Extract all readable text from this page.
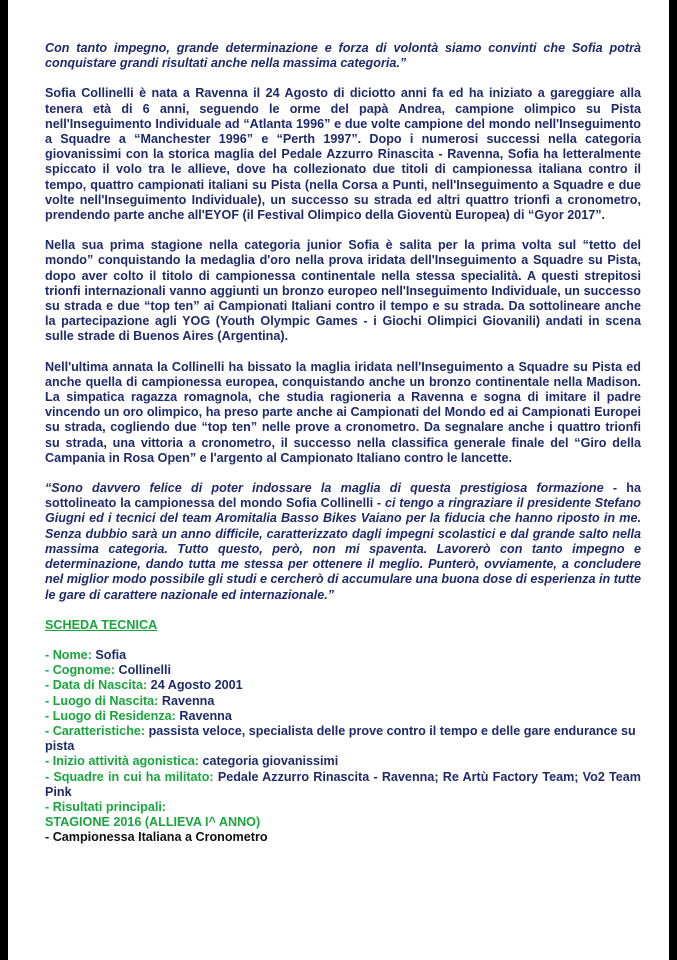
Con tanto impegno, grande determinazione e forza di volontà siamo convinti che Sofia potrà conquistare grandi risultati anche nella massima categoria.”

Sofia Collinelli è nata a Ravenna il 24 Agosto di diciotto anni fa ed ha iniziato a gareggiare alla tenera età di 6 anni, seguendo le orme del papà Andrea, campione olimpico su Pista nell'Inseguimento Individuale ad “Atlanta 1996” e due volte campione del mondo nell'Inseguimento a Squadre a “Manchester 1996” e “Perth 1997”. Dopo i numerosi successi nella categoria giovanissimi con la storica maglia del Pedale Azzurro Rinascita - Ravenna, Sofia ha letteralmente spiccato il volo tra le allieve, dove ha collezionato due titoli di campionessa italiana contro il tempo, quattro campionati italiani su Pista (nella Corsa a Punti, nell'Inseguimento a Squadre e due volte nell'Inseguimento Individuale), un successo su strada ed altri quattro trionfi a cronometro, prendendo parte anche all'EYOF (il Festival Olimpico della Gioventù Europea) di “Gyor 2017”.

Nella sua prima stagione nella categoria junior Sofia è salita per la prima volta sul “tetto del mondo” conquistando la medaglia d'oro nella prova iridata dell'Inseguimento a Squadre su Pista, dopo aver colto il titolo di campionessa continentale nella stessa specialità. A questi strepitosi trionfi internazionali vanno aggiunti un bronzo europeo nell'Inseguimento Individuale, un successo su strada e due “top ten” ai Campionati Italiani contro il tempo e su strada. Da sottolineare anche la partecipazione agli YOG (Youth Olympic Games - i Giochi Olimpici Giovanili) andati in scena sulle strade di Buenos Aires (Argentina).

Nell'ultima annata la Collinelli ha bissato la maglia iridata nell'Inseguimento a Squadre su Pista ed anche quella di campionessa europea, conquistando anche un bronzo continentale nella Madison. La simpatica ragazza romagnola, che studia ragioneria a Ravenna e sogna di imitare il padre vincendo un oro olimpico, ha preso parte anche ai Campionati del Mondo ed ai Campionati Europei su strada, cogliendo due “top ten” nelle prove a cronometro. Da segnalare anche i quattro trionfi su strada, una vittoria a cronometro, il successo nella classifica generale finale del “Giro della Campania in Rosa Open” e l'argento al Campionato Italiano contro le lancette.

“Sono davvero felice di poter indossare la maglia di questa prestigiosa formazione - ha sottolineato la campionessa del mondo Sofia Collinelli - ci tengo a ringraziare il presidente Stefano Giugni ed i tecnici del team Aromitalia Basso Bikes Vaiano per la fiducia che hanno riposto in me. Senza dubbio sarà un anno difficile, caratterizzato dagli impegni scolastici e dal grande salto nella massima categoria. Tutto questo, però, non mi spaventa. Lavorerò con tanto impegno e determinazione, dando tutta me stessa per ottenere il meglio. Punterò, ovviamente, a concludere nel miglior modo possibile gli studi e cercherò di accumulare una buona dose di esperienza in tutte le gare di carattere nazionale ed internazionale.”

SCHEDA TECNICA
- Nome: Sofia
- Cognome: Collinelli
- Data di Nascita: 24 Agosto 2001
- Luogo di Nascita: Ravenna
- Luogo di Residenza: Ravenna
- Caratteristiche: passista veloce, specialista delle prove contro il tempo e delle gare endurance su pista
- Inizio attività agonistica: categoria giovanissimi
- Squadre in cui ha militato: Pedale Azzurro Rinascita - Ravenna; Re Artù Factory Team; Vo2 Team Pink
- Risultati principali:
STAGIONE 2016 (ALLIEVA I^ ANNO)
- Campionessa Italiana a Cronometro
